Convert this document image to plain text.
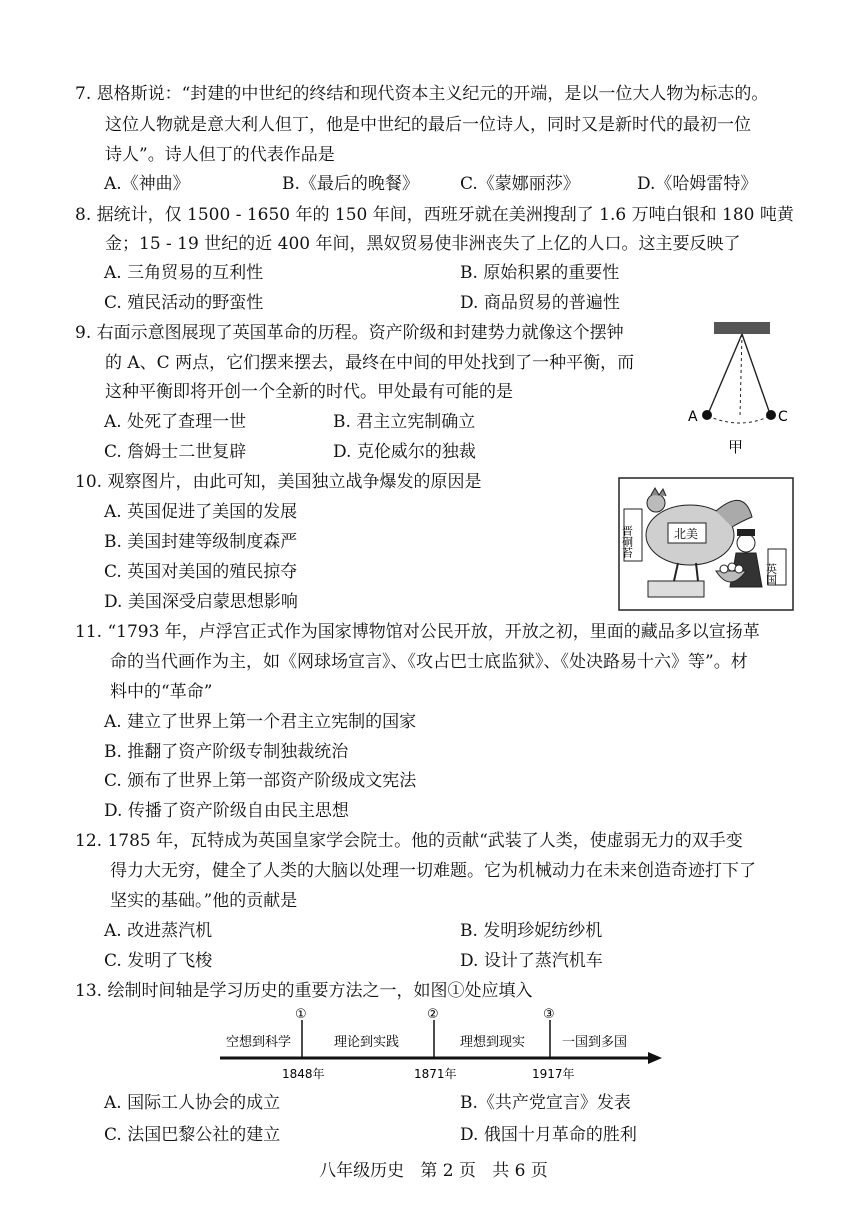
7. 恩格斯说：“封建的中世纪的终结和现代资本主义纪元的开端，是以一位大人物为标志的。
这位人物就是意大利人但丁，他是中世纪的最后一位诗人，同时又是新时代的最初一位
诗人”。诗人但丁的代表作品是
A.《神曲》	B.《最后的晚餐》 C.《蒙娜丽莎》	D.《哈姆雷特》
8. 据统计，仅 1500 - 1650 年的 150 年间，西班牙就在美洲搜刮了 1.6 万吨白银和 180 吨黄
金；15 - 19 世纪的近 400 年间，黑奴贸易使非洲丧失了上亿的人口。这主要反映了
A. 三角贸易的互利性	B. 原始积累的重要性
C. 殖民活动的野蛮性	D. 商品贸易的普遍性
9. 右面示意图展现了英国革命的历程。资产阶级和封建势力就像这个摆钟
的 A、C 两点，它们摆来摆去，最终在中间的甲处找到了一种平衡，而
这种平衡即将开创一个全新的时代。甲处最有可能的是
A. 处死了查理一世	B. 君主立宪制确立
C. 詹姆士二世复辟	D. 克伦威尔的独裁
A	C
甲
10. 观察图片，由此可知，美国独立战争爆发的原因是
A. 英国促进了美国的发展
B. 美国封建等级制度森严
C. 英国对美国的殖民掠夺
D. 美国深受启蒙思想影响
晋硐苔	北美
英国
11. “1793 年，卢浮宫正式作为国家博物馆对公民开放，开放之初，里面的藏品多以宣扬革
命的当代画作为主，如《网球场宣言》、《攻占巴士底监狱》、《处决路易十六》等”。材
料中的“革命”
A. 建立了世界上第一个君主立宪制的国家
B. 推翻了资产阶级专制独裁统治
C. 颁布了世界上第一部资产阶级成文宪法
D. 传播了资产阶级自由民主思想
12. 1785 年，瓦特成为英国皇家学会院士。他的贡献“武装了人类，使虚弱无力的双手变
得力大无穷，健全了人类的大脑以处理一切难题。它为机械动力在未来创造奇迹打下了
坚实的基础。”他的贡献是
A. 改进蒸汽机	B. 发明珍妮纺纱机
C. 发明了飞梭	D. 设计了蒸汽机车
13. 绘制时间轴是学习历史的重要方法之一，如图①处应填入
①	②	③
空想到科学	理论到实践	理想到现实	一国到多国
1848年	1871年	1917年
A. 国际工人协会的成立	B.《共产党宣言》发表
C. 法国巴黎公社的建立	D. 俄国十月革命的胜利
八年级历史   第 2 页   共 6 页
